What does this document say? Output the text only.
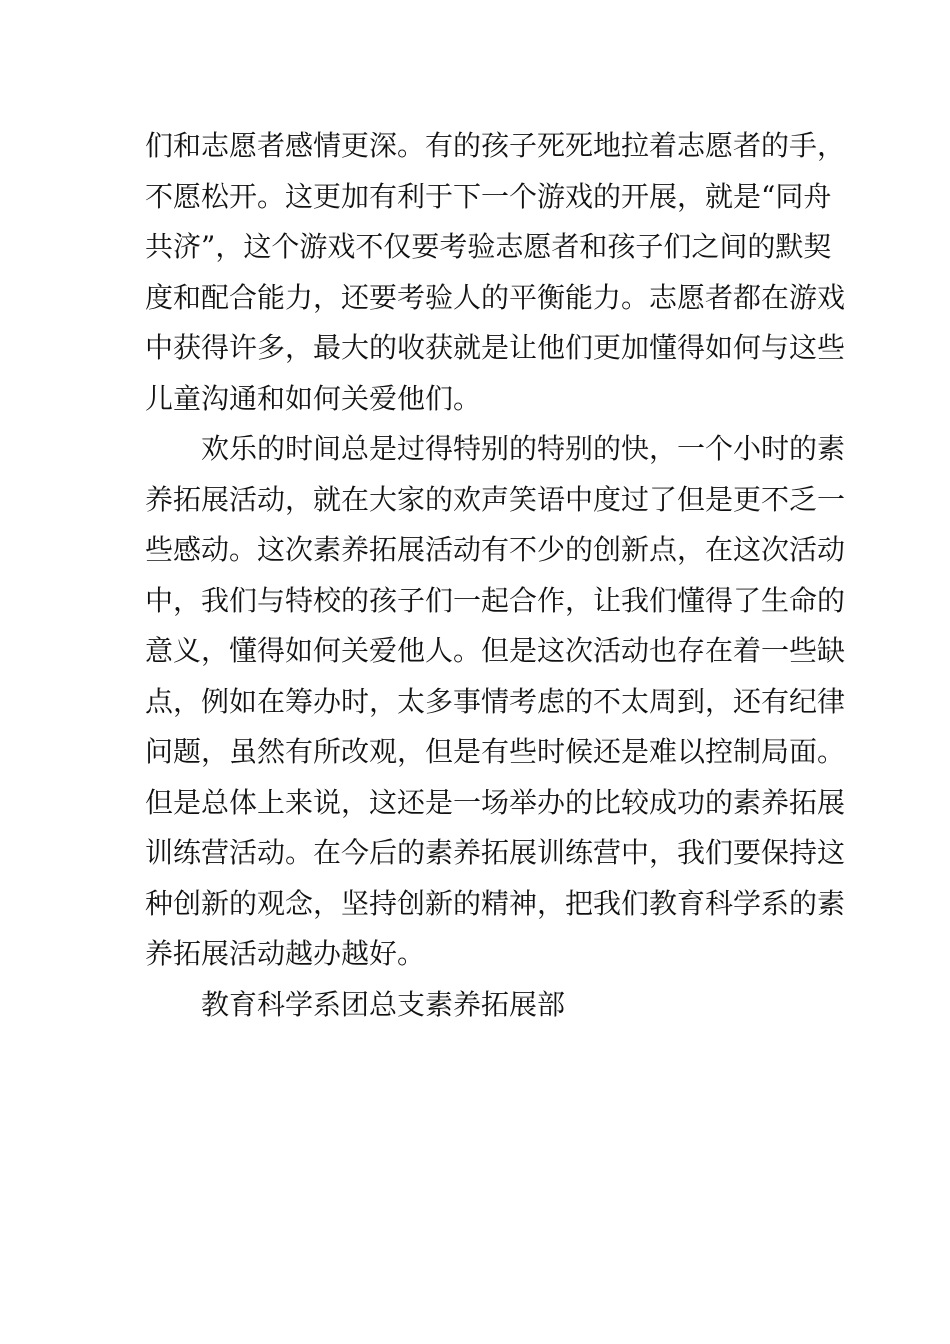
们和志愿者感情更深。有的孩子死死地拉着志愿者的手，
不愿松开。这更加有利于下一个游戏的开展，就是“同舟
共济”，这个游戏不仅要考验志愿者和孩子们之间的默契
度和配合能力，还要考验人的平衡能力。志愿者都在游戏
中获得许多，最大的收获就是让他们更加懂得如何与这些
儿童沟通和如何关爱他们。
欢乐的时间总是过得特别的特别的快，一个小时的素
养拓展活动，就在大家的欢声笑语中度过了但是更不乏一
些感动。这次素养拓展活动有不少的创新点，在这次活动
中，我们与特校的孩子们一起合作，让我们懂得了生命的
意义，懂得如何关爱他人。但是这次活动也存在着一些缺
点，例如在筹办时，太多事情考虑的不太周到，还有纪律
问题，虽然有所改观，但是有些时候还是难以控制局面。
但是总体上来说，这还是一场举办的比较成功的素养拓展
训练营活动。在今后的素养拓展训练营中，我们要保持这
种创新的观念，坚持创新的精神，把我们教育科学系的素
养拓展活动越办越好。
教育科学系团总支素养拓展部
